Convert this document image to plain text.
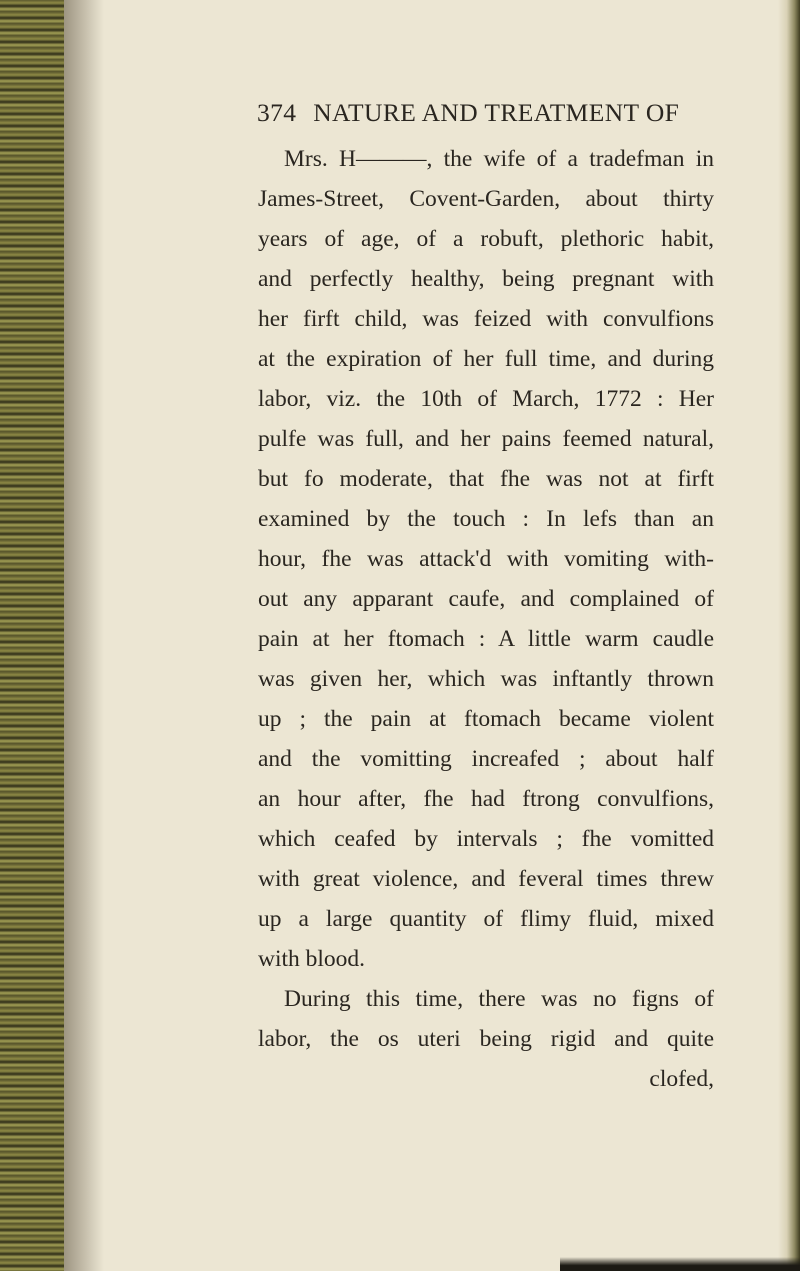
374 NATURE AND TREATMENT OF
Mrs. H———, the wife of a tradefman in
James-Street, Covent-Garden, about thirty
years of age, of a robuft, plethoric habit,
and perfectly healthy, being pregnant with
her firft child, was feized with convulfions
at the expiration of her full time, and during
labor, viz. the 10th of March, 1772 : Her
pulfe was full, and her pains feemed natural,
but fo moderate, that fhe was not at firft
examined by the touch : In lefs than an
hour, fhe was attack'd with vomiting with-
out any apparant caufe, and complained of
pain at her ftomach : A little warm caudle
was given her, which was inftantly thrown
up ; the pain at ftomach became violent
and the vomitting increafed ; about half
an hour after, fhe had ftrong convulfions,
which ceafed by intervals ; fhe vomitted
with great violence, and feveral times threw
up a large quantity of flimy fluid, mixed
with blood.
During this time, there was no figns of
labor, the os uteri being rigid and quite
clofed,
